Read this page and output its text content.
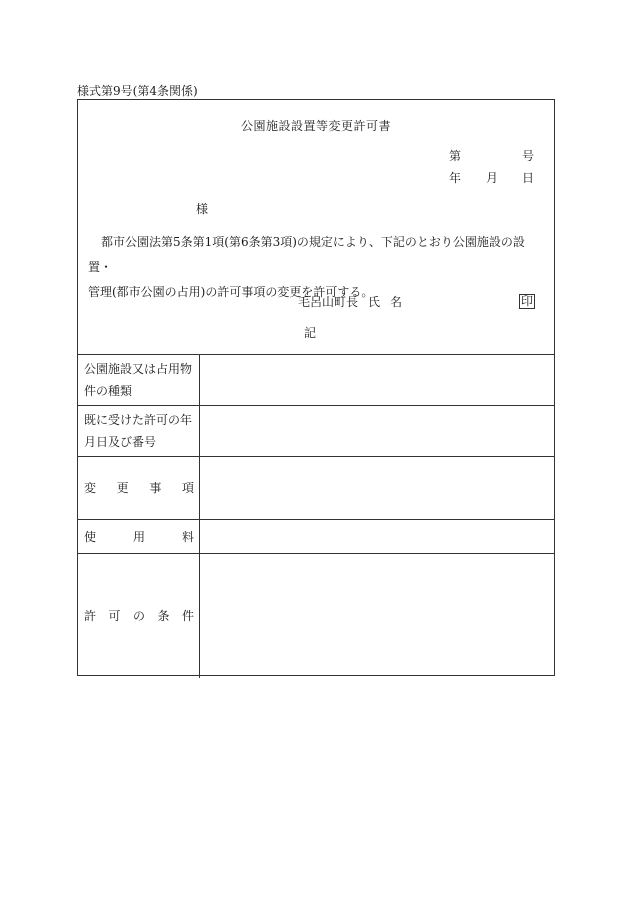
様式第9号(第4条関係)
公園施設設置等変更許可書
第	号
年 月 日
様
都市公園法第5条第1項(第6条第3項)の規定により、下記のとおり公園施設の設置・
管理(都市公園の占用)の許可事項の変更を許可する。
毛呂山町長 氏 名	印
記
公園施設又は占用物
件の種類	

既に受けた許可の年
月日及び番号	

変 更 事 項	

使 用 料	

許 可 の 条 件	
